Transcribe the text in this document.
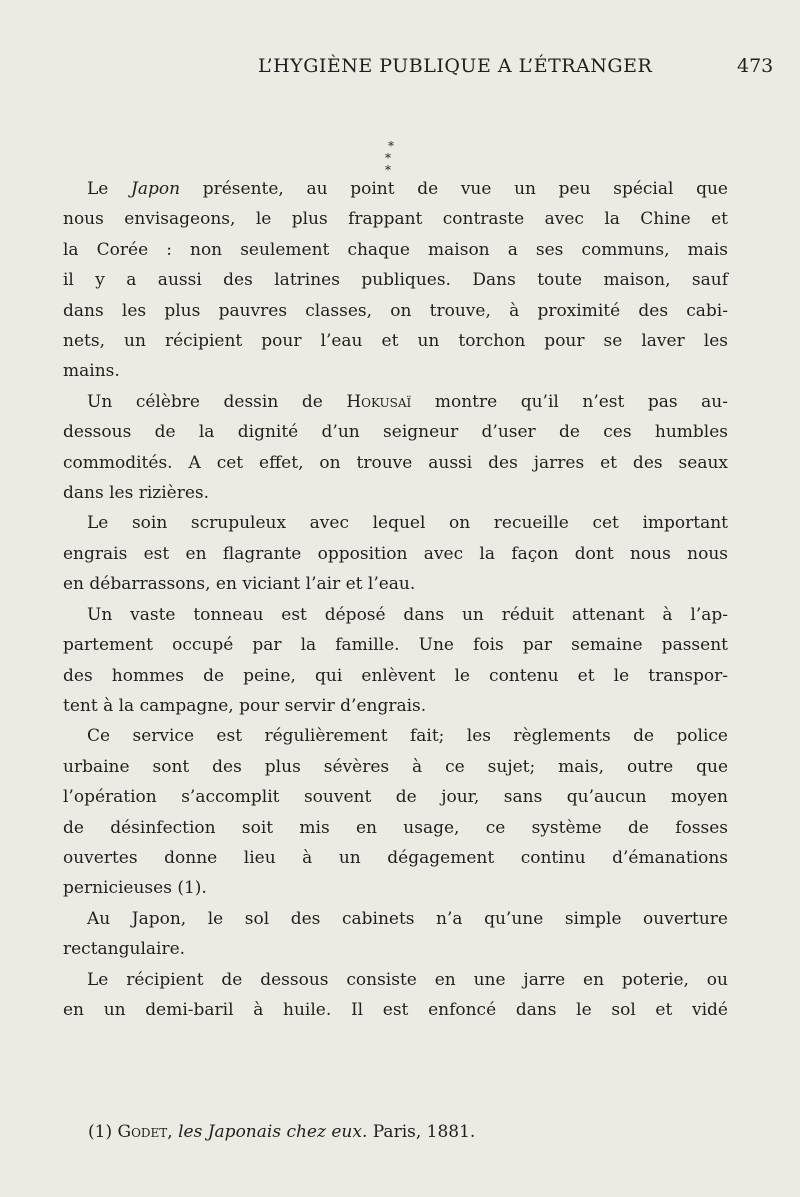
L’HYGIÈNE PUBLIQUE A L’ÉTRANGER	473
*
* *
Le Japon présente, au point de vue un peu spécial que
nous envisageons, le plus frappant contraste avec la Chine et
la Corée : non seulement chaque maison a ses communs, mais
il y a aussi des latrines publiques. Dans toute maison, sauf
dans les plus pauvres classes, on trouve, à proximité des cabi-
nets, un récipient pour l’eau et un torchon pour se laver les
mains.
Un célèbre dessin de Hokusaï montre qu’il n’est pas au-
dessous de la dignité d’un seigneur d’user de ces humbles
commodités. A cet effet, on trouve aussi des jarres et des seaux
dans les rizières.
Le soin scrupuleux avec lequel on recueille cet important
engrais est en flagrante opposition avec la façon dont nous nous
en débarrassons, en viciant l’air et l’eau.
Un vaste tonneau est déposé dans un réduit attenant à l’ap-
partement occupé par la famille. Une fois par semaine passent
des hommes de peine, qui enlèvent le contenu et le transpor-
tent à la campagne, pour servir d’engrais.
Ce service est régulièrement fait; les règlements de police
urbaine sont des plus sévères à ce sujet; mais, outre que
l’opération s’accomplit souvent de jour, sans qu’aucun moyen
de désinfection soit mis en usage, ce système de fosses
ouvertes donne lieu à un dégagement continu d’émanations
pernicieuses (1).
Au Japon, le sol des cabinets n’a qu’une simple ouverture
rectangulaire.
Le récipient de dessous consiste en une jarre en poterie, ou
en un demi-baril à huile. Il est enfoncé dans le sol et vidé
(1) Godet, les Japonais chez eux. Paris, 1881.
